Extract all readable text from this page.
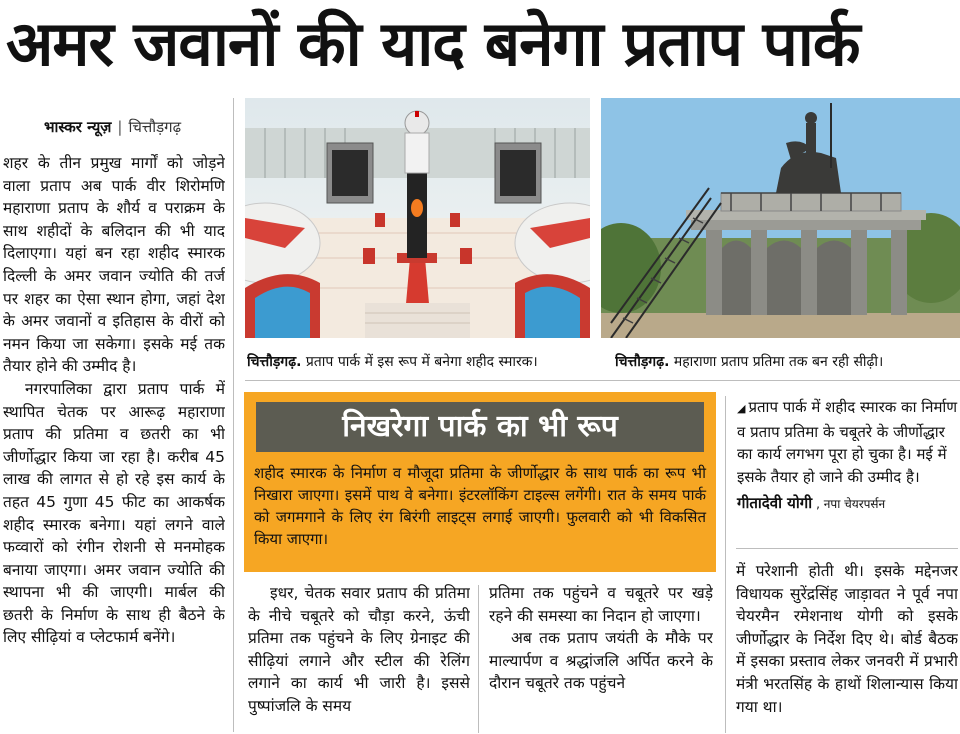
अमर जवानों की याद बनेगा प्रताप पार्क
भास्कर न्यूज़ | चित्तौड़गढ़

शहर के तीन प्रमुख मार्गों को जोड़ने वाला प्रताप अब पार्क वीर शिरोमणि महाराणा प्रताप के शौर्य व पराक्रम के साथ शहीदों के बलिदान की भी याद दिलाएगा। यहां बन रहा शहीद स्मारक दिल्ली के अमर जवान ज्योति की तर्ज पर शहर का ऐसा स्थान होगा, जहां देश के अमर जवानों व इतिहास के वीरों को नमन किया जा सकेगा। इसके मई तक तैयार होने की उम्मीद है।

नगरपालिका द्वारा प्रताप पार्क में स्थापित चेतक पर आरूढ़ महाराणा प्रताप की प्रतिमा व छतरी का भी जीर्णोद्धार किया जा रहा है। करीब 45 लाख की लागत से हो रहे इस कार्य के तहत 45 गुणा 45 फीट का आकर्षक शहीद स्मारक बनेगा। यहां लगने वाले फव्वारों को रंगीन रोशनी से मनमोहक बनाया जाएगा। अमर जवान ज्योति की स्थापना भी की जाएगी। मार्बल की छतरी के निर्माण के साथ ही बैठने के लिए सीढ़ियां व प्लेटफार्म बनेंगे।

चित्तौड़गढ़. प्रताप पार्क में इस रूप में बनेगा शहीद स्मारक।	चित्तौड़गढ़. महाराणा प्रताप प्रतिमा तक बन रही सीढ़ी।
निखरेगा पार्क का भी रूप
शहीद स्मारक के निर्माण व मौजूदा प्रतिमा के जीर्णोद्धार के साथ पार्क का रूप भी निखारा जाएगा। इसमें पाथ वे बनेगा। इंटरलॉकिंग टाइल्स लगेंगी। रात के समय पार्क को जगमगाने के लिए रंग बिरंगी लाइट्स लगाई जाएगी। फुलवारी को भी विकसित किया जाएगा।
◢ प्रताप पार्क में शहीद स्मारक का निर्माण व प्रताप प्रतिमा के चबूतरे के जीर्णोद्धार का कार्य लगभग पूरा हो चुका है। मई में इसके तैयार हो जाने की उम्मीद है।
गीतादेवी योगी , नपा चेयरपर्सन

इधर, चेतक सवार प्रताप की प्रतिमा के नीचे चबूतरे को चौड़ा करने, ऊंची प्रतिमा तक पहुंचने के लिए ग्रेनाइट की सीढ़ियां लगाने और स्टील की रेलिंग लगाने का कार्य भी जारी है। इससे पुष्पांजलि के समय

प्रतिमा तक पहुंचने व चबूतरे पर खड़े रहने की समस्या का निदान हो जाएगा।

अब तक प्रताप जयंती के मौके पर माल्यार्पण व श्रद्धांजलि अर्पित करने के दौरान चबूतरे तक पहुंचने

में परेशानी होती थी। इसके मद्देनजर विधायक सुरेंद्रसिंह जाड़ावत ने पूर्व नपा चेयरमैन रमेशनाथ योगी को इसके जीर्णोद्धार के निर्देश दिए थे। बोर्ड बैठक में इसका प्रस्ताव लेकर जनवरी में प्रभारी मंत्री भरतसिंह के हाथों शिलान्यास किया गया था।
